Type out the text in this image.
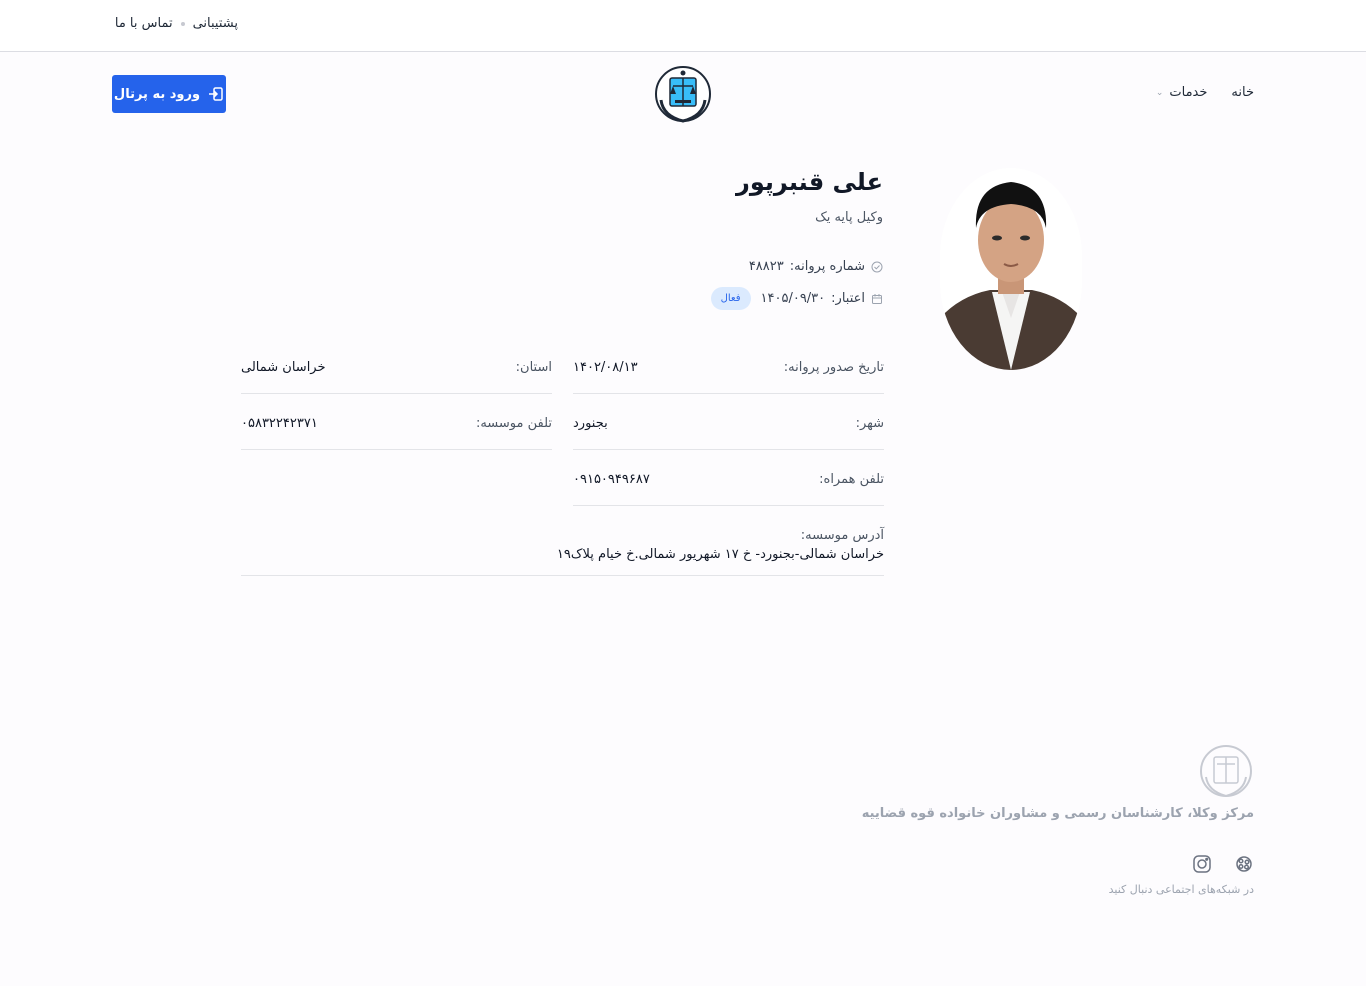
پشتیبانی
تماس با ما
خانه
خدمات
⌄
ورود به پرتال
علی قنبرپور
وکیل پایه یک
شماره پروانه:
۴۸۸۲۳
اعتبار:
۱۴۰۵/۰۹/۳۰
فعال
تاریخ صدور پروانه:
۱۴۰۲/۰۸/۱۳
استان:
خراسان شمالی
شهر:
بجنورد
تلفن موسسه:
۰۵۸۳۲۲۴۲۳۷۱
تلفن همراه:
۰۹۱۵۰۹۴۹۶۸۷
آدرس موسسه:
خراسان شمالی-بجنورد- خ ۱۷ شهریور شمالی.خ خیام پلاک۱۹
مرکز وکلا، کارشناسان رسمی و مشاوران خانواده قوه قضاییه
در شبکه‌های اجتماعی دنبال کنید
